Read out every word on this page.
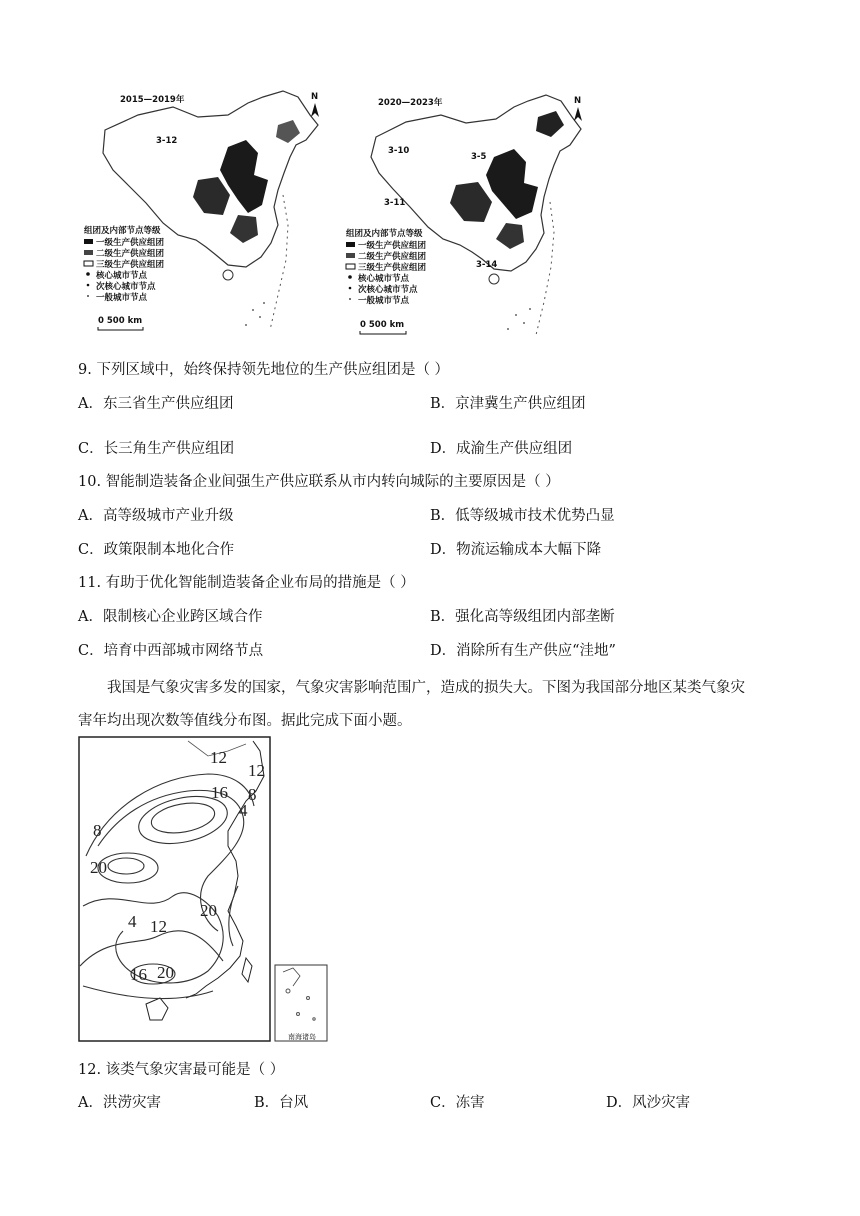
2015—2019年	N
3-12
组团及内部节点等级
一级生产供应组团
二级生产供应组团
三级生产供应组团
核心城市节点
次核心城市节点
一般城市节点
0 500 km
2020—2023年	N
3-10
3-5
3-11
3-14
组团及内部节点等级
一级生产供应组团
二级生产供应组团
三级生产供应组团
核心城市节点
次核心城市节点
一般城市节点
0 500 km
9. 下列区域中，始终保持领先地位的生产供应组团是（ ）
A．东三省生产供应组团	B．京津冀生产供应组团
C．长三角生产供应组团	D．成渝生产供应组团
10. 智能制造装备企业间强生产供应联系从市内转向城际的主要原因是（ ）
A．高等级城市产业升级	B．低等级城市技术优势凸显
C．政策限制本地化合作	D．物流运输成本大幅下降
11. 有助于优化智能制造装备企业布局的措施是（ ）
A．限制核心企业跨区域合作	B．强化高等级组团内部垄断
C．培育中西部城市网络节点	D．消除所有生产供应“洼地”
我国是气象灾害多发的国家，气象灾害影响范围广，造成的损失大。下图为我国部分地区某类气象灾
害年均出现次数等值线分布图。据此完成下面小题。
12
12
16 8
4
8
20
20
4 12
16 20
南海诸岛
12. 该类气象灾害最可能是（ ）
A．洪涝灾害	B．台风	C．冻害	D．风沙灾害
